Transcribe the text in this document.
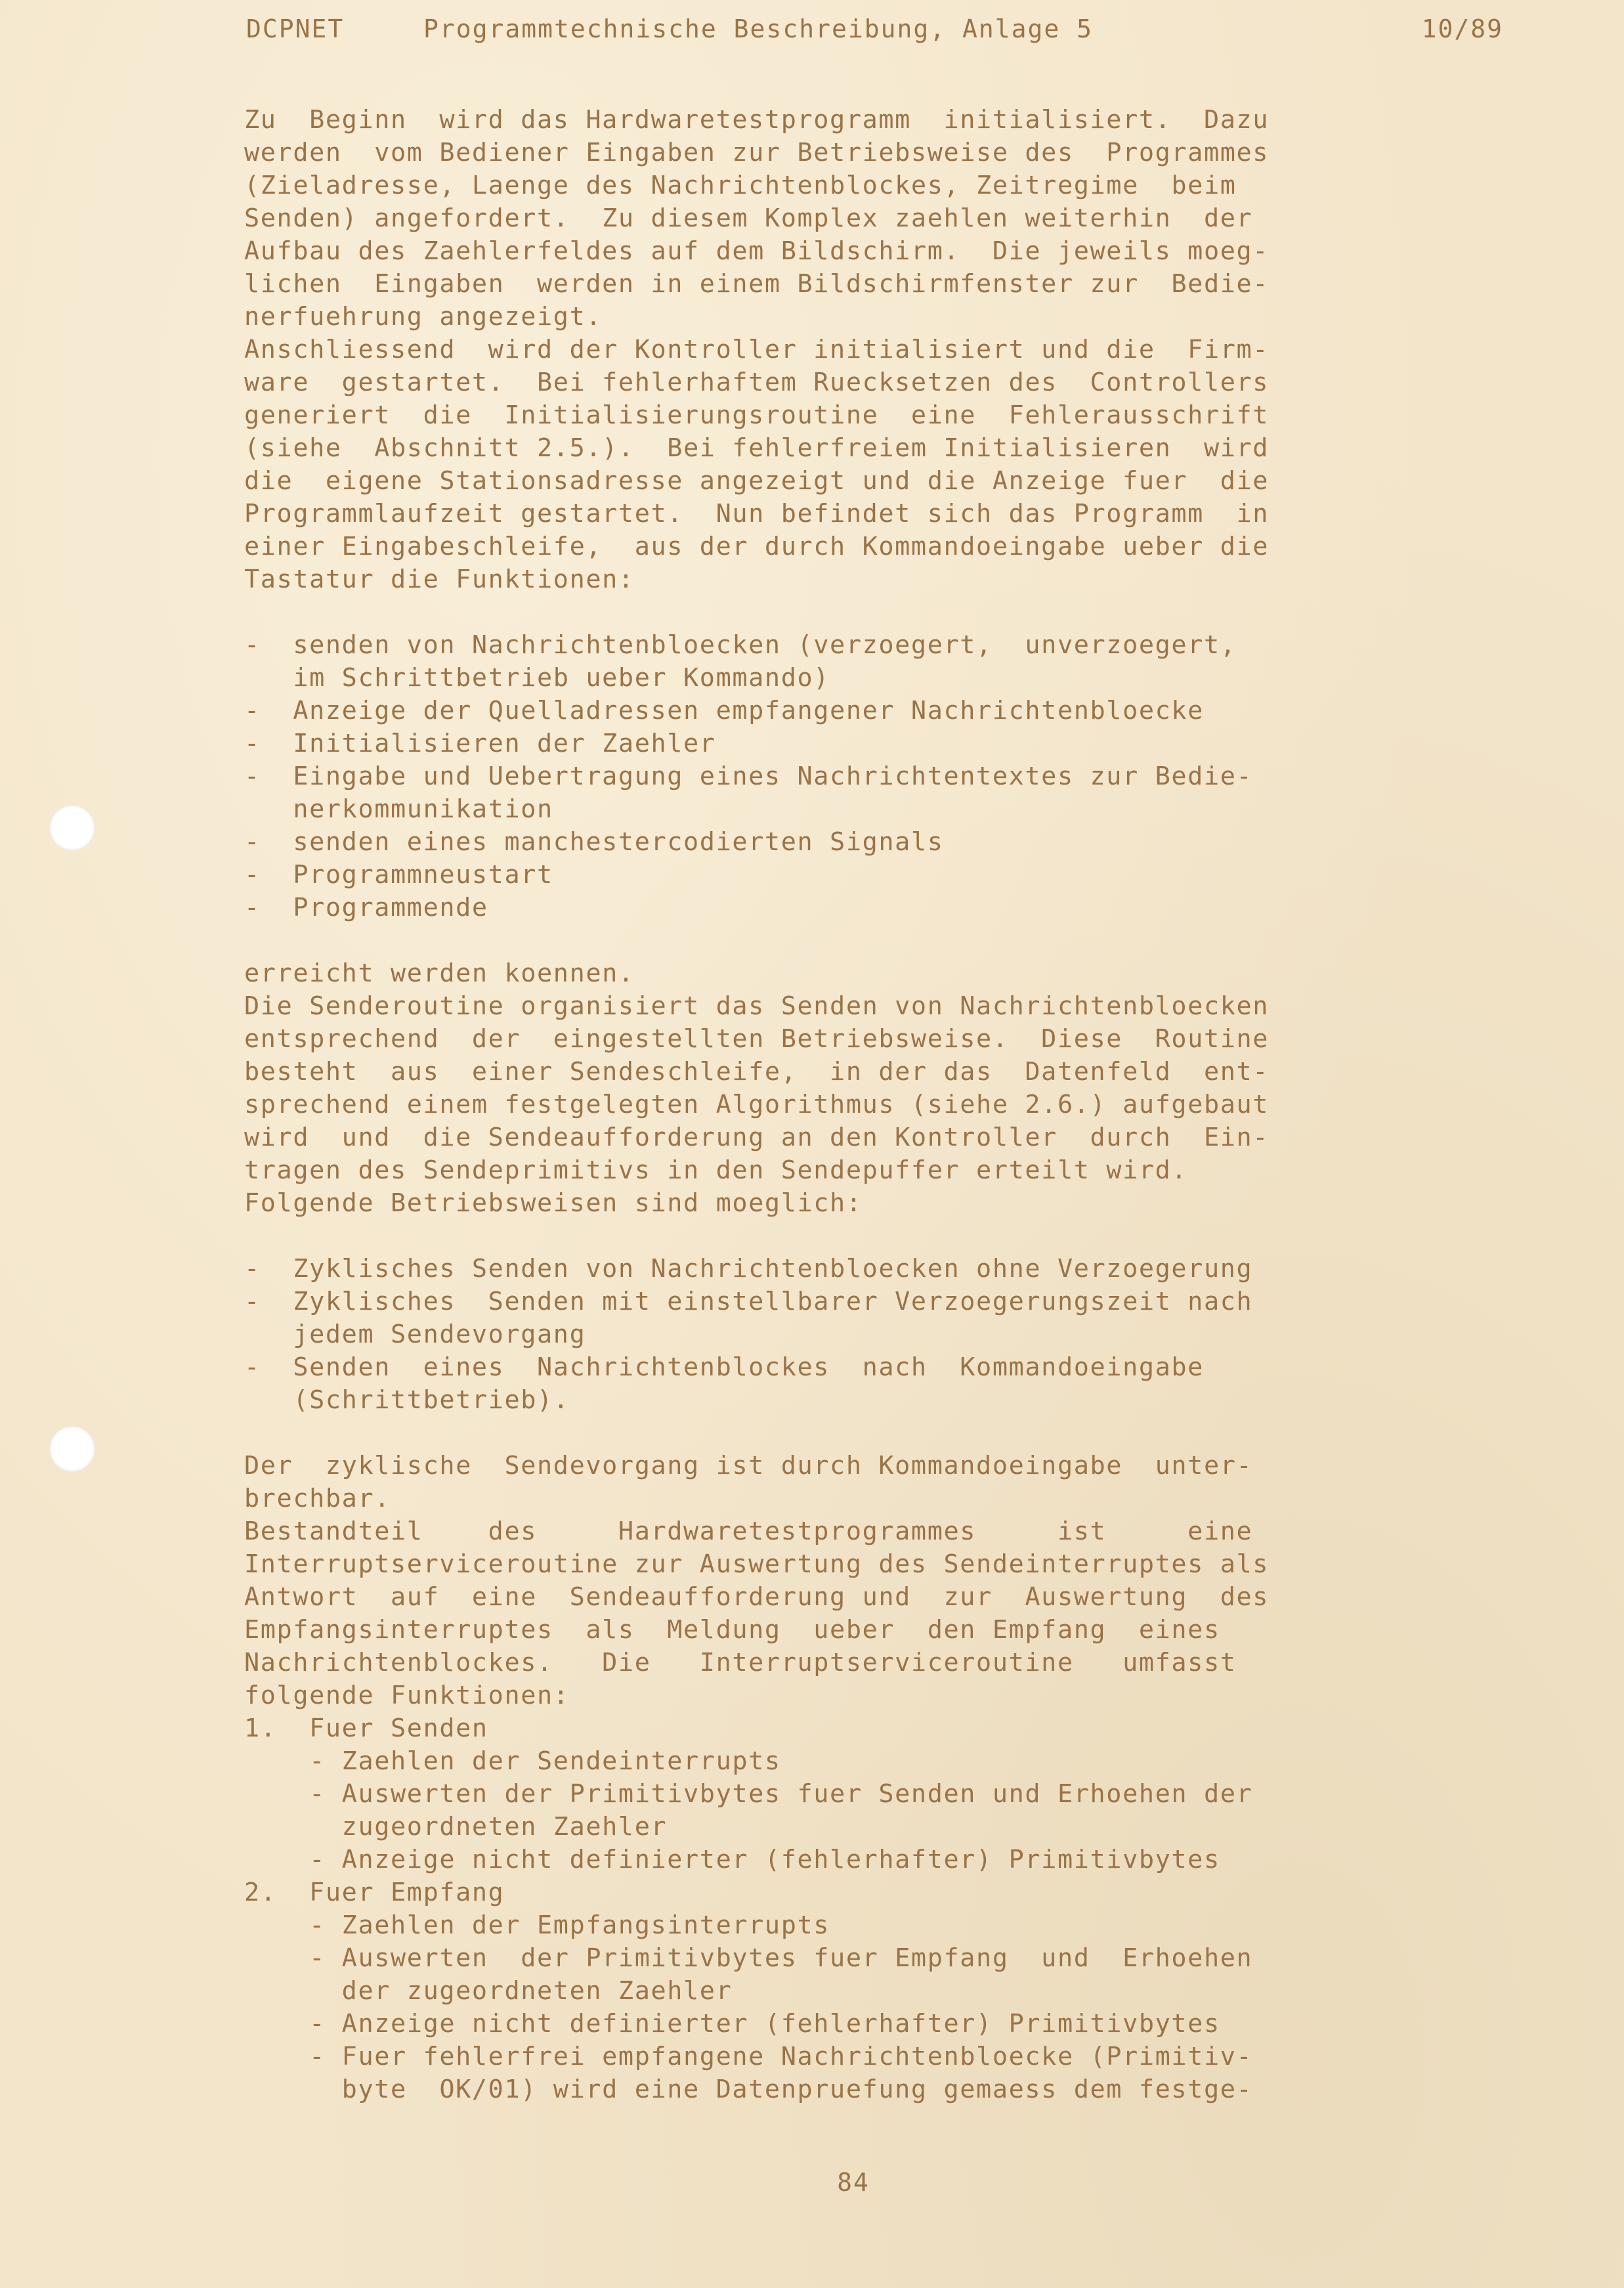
DCPNET	Programmtechnische Beschreibung, Anlage 5	10/89
Zu  Beginn  wird das Hardwaretestprogramm  initialisiert.  Dazu
werden  vom Bediener Eingaben zur Betriebsweise des  Programmes
(Zieladresse, Laenge des Nachrichtenblockes, Zeitregime  beim
Senden) angefordert.  Zu diesem Komplex zaehlen weiterhin  der
Aufbau des Zaehlerfeldes auf dem Bildschirm.  Die jeweils moeg-
lichen  Eingaben  werden in einem Bildschirmfenster zur  Bedie-
nerfuehrung angezeigt.
Anschliessend  wird der Kontroller initialisiert und die  Firm-
ware  gestartet.  Bei fehlerhaftem Ruecksetzen des  Controllers
generiert  die  Initialisierungsroutine  eine  Fehlerausschrift
(siehe  Abschnitt 2.5.).  Bei fehlerfreiem Initialisieren  wird
die  eigene Stationsadresse angezeigt und die Anzeige fuer  die
Programmlaufzeit gestartet.  Nun befindet sich das Programm  in
einer Eingabeschleife,  aus der durch Kommandoeingabe ueber die
Tastatur die Funktionen:
-  senden von Nachrichtenbloecken (verzoegert,  unverzoegert,
im Schrittbetrieb ueber Kommando)
-  Anzeige der Quelladressen empfangener Nachrichtenbloecke
-  Initialisieren der Zaehler
-  Eingabe und Uebertragung eines Nachrichtentextes zur Bedie-
nerkommunikation
-  senden eines manchestercodierten Signals
-  Programmneustart
-  Programmende
erreicht werden koennen.
Die Senderoutine organisiert das Senden von Nachrichtenbloecken
entsprechend  der  eingestellten Betriebsweise.  Diese  Routine
besteht  aus  einer Sendeschleife,  in der das  Datenfeld  ent-
sprechend einem festgelegten Algorithmus (siehe 2.6.) aufgebaut
wird  und  die Sendeaufforderung an den Kontroller  durch  Ein-
tragen des Sendeprimitivs in den Sendepuffer erteilt wird.
Folgende Betriebsweisen sind moeglich:
-  Zyklisches Senden von Nachrichtenbloecken ohne Verzoegerung
-  Zyklisches  Senden mit einstellbarer Verzoegerungszeit nach
jedem Sendevorgang
-  Senden  eines  Nachrichtenblockes  nach  Kommandoeingabe
(Schrittbetrieb).
Der  zyklische  Sendevorgang ist durch Kommandoeingabe  unter-
brechbar.
Bestandteil    des     Hardwaretestprogrammes     ist     eine
Interruptserviceroutine zur Auswertung des Sendeinterruptes als
Antwort  auf  eine  Sendeaufforderung und  zur  Auswertung  des
Empfangsinterruptes  als  Meldung  ueber  den Empfang  eines
Nachrichtenblockes.   Die   Interruptserviceroutine   umfasst
folgende Funktionen:
1.  Fuer Senden
- Zaehlen der Sendeinterrupts
- Auswerten der Primitivbytes fuer Senden und Erhoehen der
zugeordneten Zaehler
- Anzeige nicht definierter (fehlerhafter) Primitivbytes
2.  Fuer Empfang
- Zaehlen der Empfangsinterrupts
- Auswerten  der Primitivbytes fuer Empfang  und  Erhoehen
der zugeordneten Zaehler
- Anzeige nicht definierter (fehlerhafter) Primitivbytes
- Fuer fehlerfrei empfangene Nachrichtenbloecke (Primitiv-
byte  OK/01) wird eine Datenpruefung gemaess dem festge-
84
